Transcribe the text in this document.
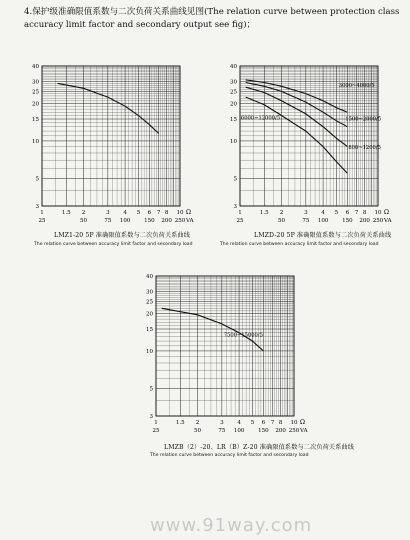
4.保护级准确限值系数与二次负荷关系曲线见图(The relation curve between protection class accuracy limit factor and secondary output see fig)；
40
30
25
20
15
10
5
3
1	1.5 2	3 4 5 6 7 8 10 Ω
25	50	75 100	150 200 250 VA
LMZ1-20 5P 准确限值系数与二次负荷关系曲线
The relation curve between accuracy limit factor and secondary load
40
30
25
20
15
10
5
3
1	1.5 2	3 4 5 6 7 8 10 Ω
25	50	75 100	150 200 250 VA
3000~4000/5
6000~12000/5	1500~2000/5
800~1200/5
LMZD-20 5P 准确限值系数与二次负荷关系曲线
The relation curve between accuracy limit factor and secondary load
40
30
25
20
15
10
5
3
1	1.5 2	3 4 5 6 7 8 10 Ω
25	50	75 100	150 200 250 VA
7500~15000/5
LMZB（2）-20、LR（B）Z-20 准确限值系数与二次负荷关系曲线
The relation curve between accuracy limit factor and secondary load
www.91way.com
